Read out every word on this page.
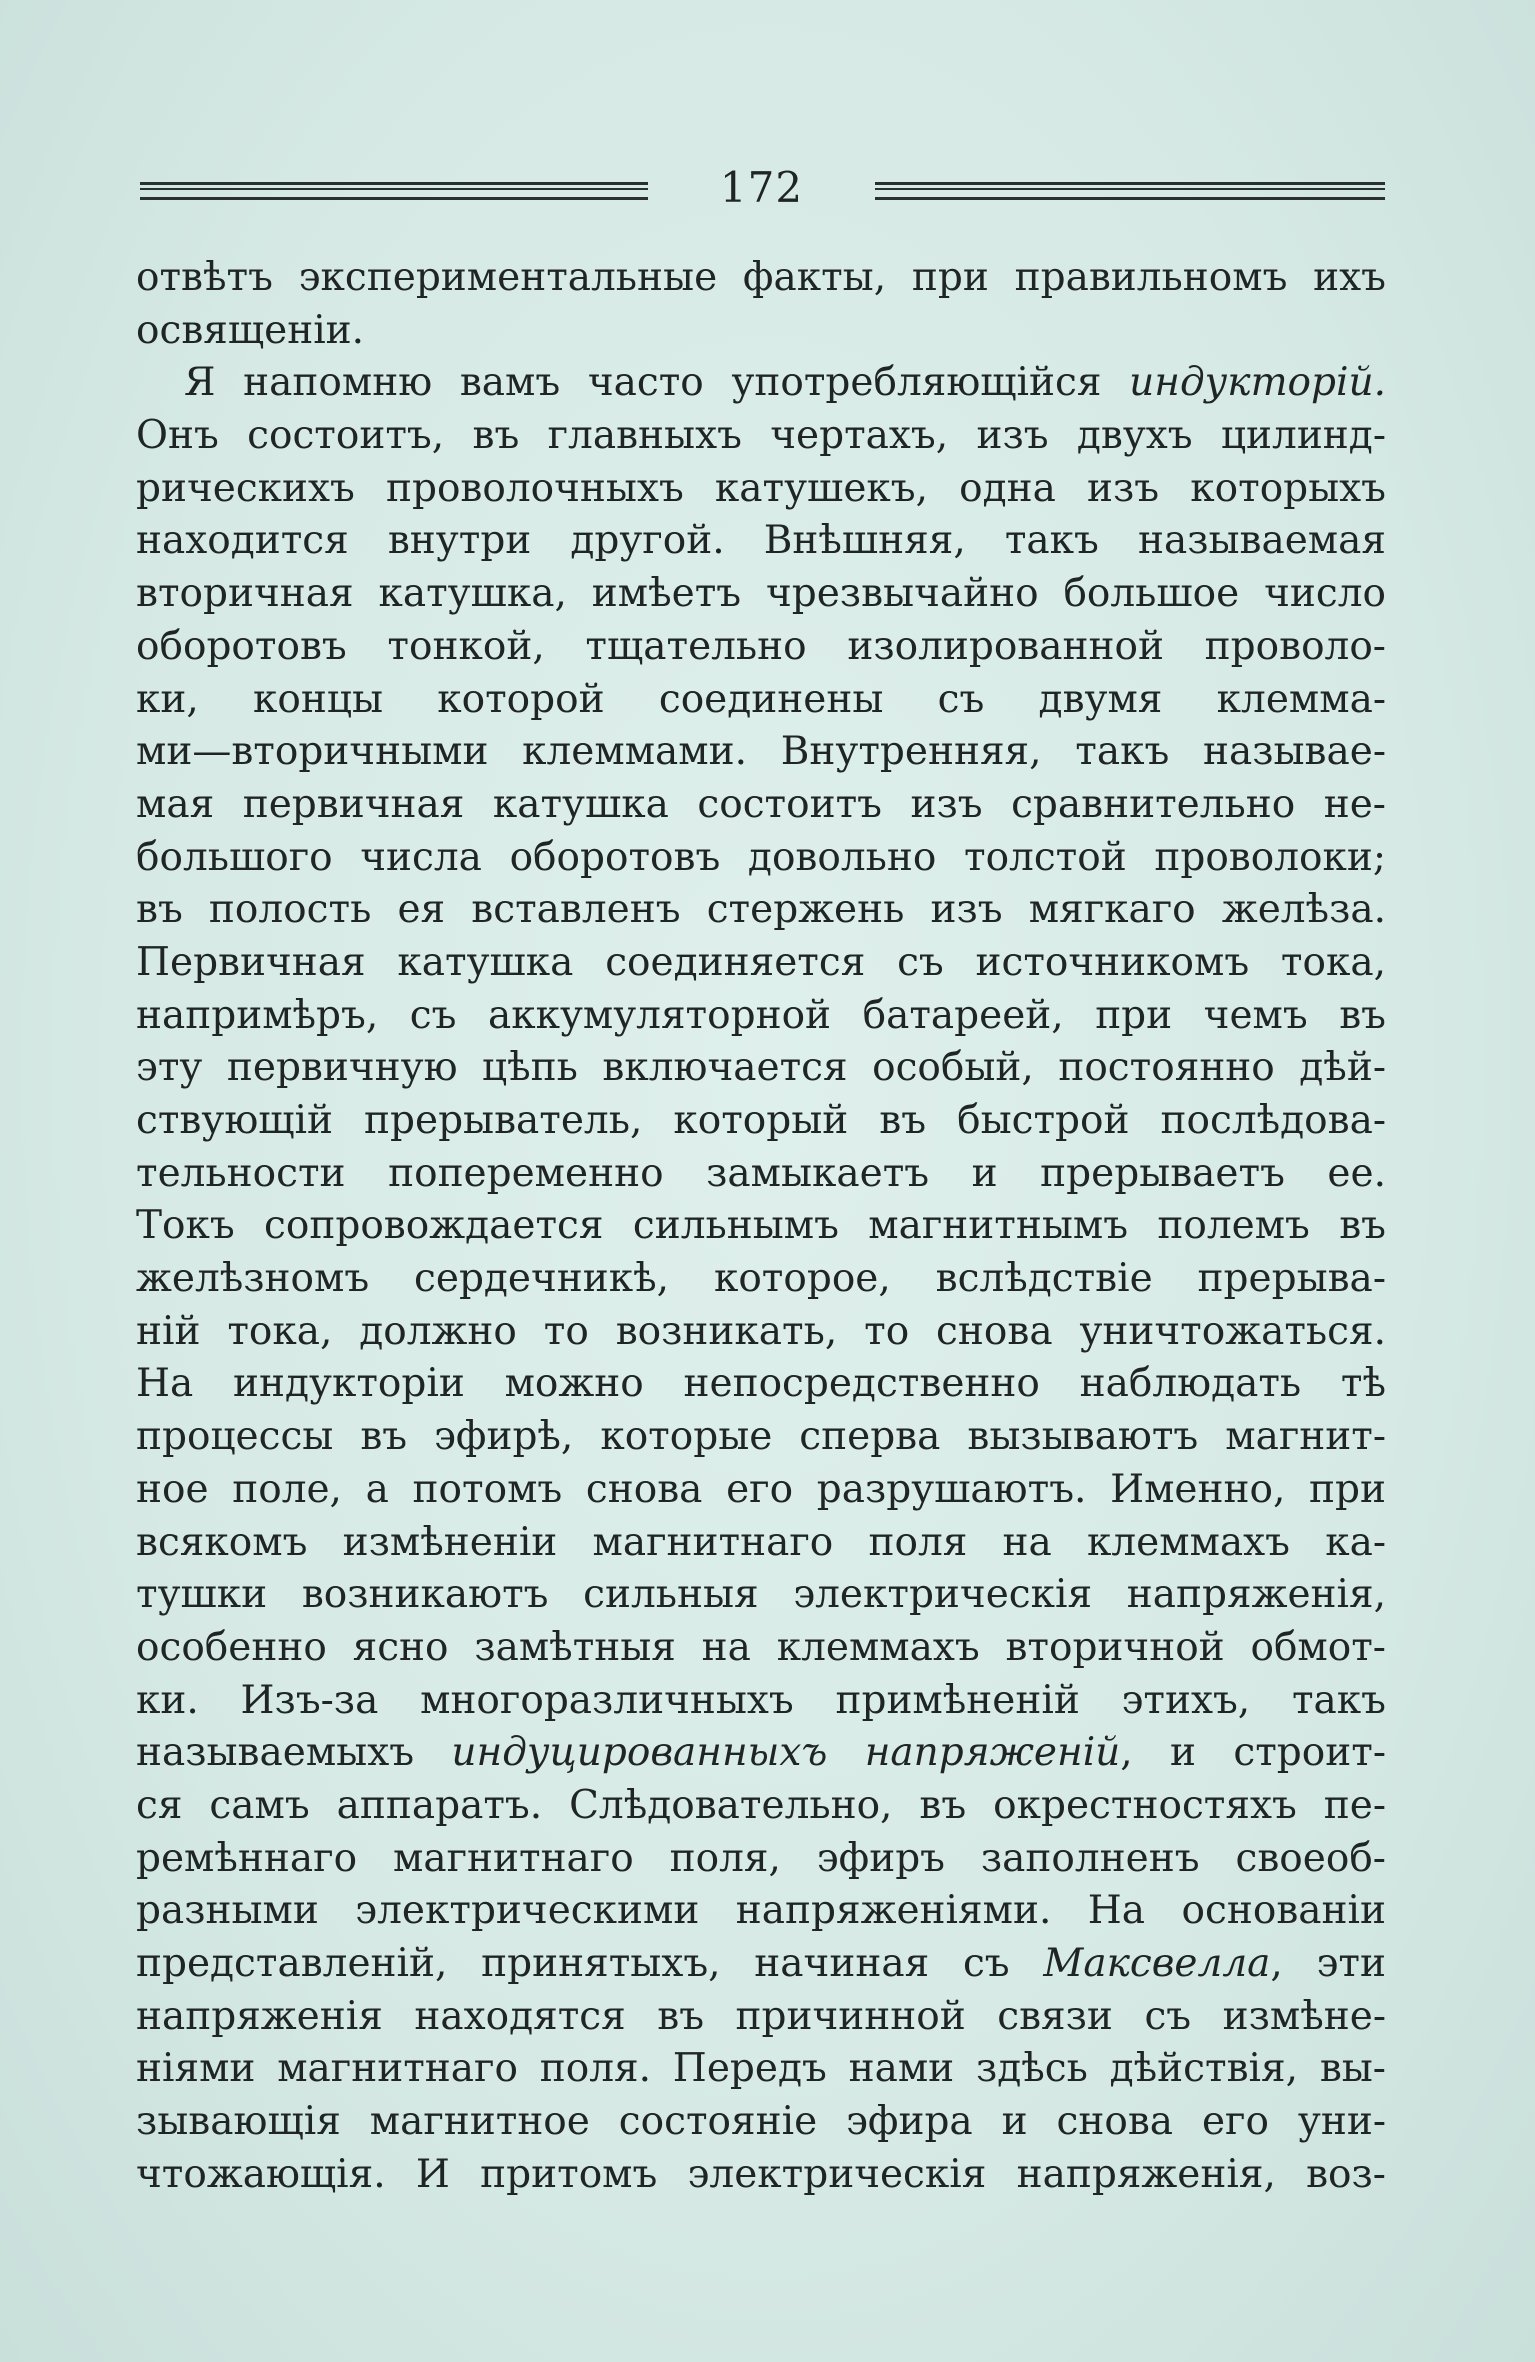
172
отвѣтъ экспериментальные факты, при правильномъ ихъ
освященіи.
Я напомню вамъ часто употребляющійся индукторій.
Онъ состоитъ, въ главныхъ чертахъ, изъ двухъ цилинд-
рическихъ проволочныхъ катушекъ, одна изъ которыхъ
находится внутри другой. Внѣшняя, такъ называемая
вторичная катушка, имѣетъ чрезвычайно большое число
оборотовъ тонкой, тщательно изолированной проволо-
ки, концы которой соединены съ двумя клемма-
ми—вторичными клеммами. Внутренняя, такъ называе-
мая первичная катушка состоитъ изъ сравнительно не-
большого числа оборотовъ довольно толстой проволоки;
въ полость ея вставленъ стержень изъ мягкаго желѣза.
Первичная катушка соединяется съ источникомъ тока,
напримѣръ, съ аккумуляторной батареей, при чемъ въ
эту первичную цѣпь включается особый, постоянно дѣй-
ствующій прерыватель, который въ быстрой послѣдова-
тельности попеременно замыкаетъ и прерываетъ ее.
Токъ сопровождается сильнымъ магнитнымъ полемъ въ
желѣзномъ сердечникѣ, которое, вслѣдствіе прерыва-
ній тока, должно то возникать, то снова уничтожаться.
На индукторіи можно непосредственно наблюдать тѣ
процессы въ эфирѣ, которые сперва вызываютъ магнит-
ное поле, а потомъ снова его разрушаютъ. Именно, при
всякомъ измѣненіи магнитнаго поля на клеммахъ ка-
тушки возникаютъ сильныя электрическія напряженія,
особенно ясно замѣтныя на клеммахъ вторичной обмот-
ки. Изъ-за многоразличныхъ примѣненій этихъ, такъ
называемыхъ индуцированныхъ напряженій, и строит-
ся самъ аппаратъ. Слѣдовательно, въ окрестностяхъ пе-
ремѣннаго магнитнаго поля, эфиръ заполненъ своеоб-
разными электрическими напряженіями. На основаніи
представленій, принятыхъ, начиная съ Максвелла, эти
напряженія находятся въ причинной связи съ измѣне-
ніями магнитнаго поля. Передъ нами здѣсь дѣйствія, вы-
зывающія магнитное состояніе эфира и снова его уни-
чтожающія. И притомъ электрическія напряженія, воз-
